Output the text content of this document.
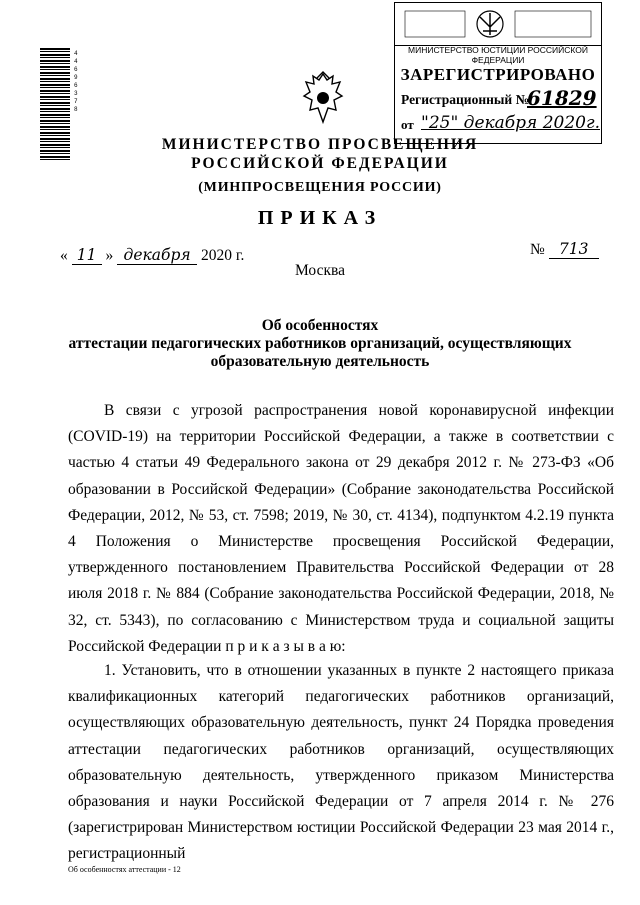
44696378
МИНИСТЕРСТВО ЮСТИЦИИ РОССИЙСКОЙ ФЕДЕРАЦИИ
ЗАРЕГИСТРИРОВАНО
Регистрационный №
61829
от "25" декабря 2020г.
МИНИСТЕРСТВО ПРОСВЕЩЕНИЯ
РОССИЙСКОЙ ФЕДЕРАЦИИ
(МИНПРОСВЕЩЕНИЯ РОССИИ)
ПРИКАЗ
« 11 » декабря 2020 г.	№ 713
Москва
Об особенностях
аттестации педагогических работников организаций, осуществляющих
образовательную деятельность

В связи с угрозой распространения новой коронавирусной инфекции (COVID-19) на территории Российской Федерации, а также в соответствии с частью 4 статьи 49 Федерального закона от 29 декабря 2012 г. № 273-ФЗ «Об образовании в Российской Федерации» (Собрание законодательства Российской Федерации, 2012, № 53, ст. 7598; 2019, № 30, ст. 4134), подпунктом 4.2.19 пункта 4 Положения о Министерстве просвещения Российской Федерации, утвержденного постановлением Правительства Российской Федерации от 28 июля 2018 г. № 884 (Собрание законодательства Российской Федерации, 2018, № 32, ст. 5343), по согласованию с Министерством труда и социальной защиты Российской Федерации п р и к а з ы в а ю:

1. Установить, что в отношении указанных в пункте 2 настоящего приказа квалификационных категорий педагогических работников организаций, осуществляющих образовательную деятельность, пункт 24 Порядка проведения аттестации педагогических работников организаций, осуществляющих образовательную деятельность, утвержденного приказом Министерства образования и науки Российской Федерации от 7 апреля 2014 г. № 276 (зарегистрирован Министерством юстиции Российской Федерации 23 мая 2014 г., регистрационный

Об особенностях аттестации - 12
